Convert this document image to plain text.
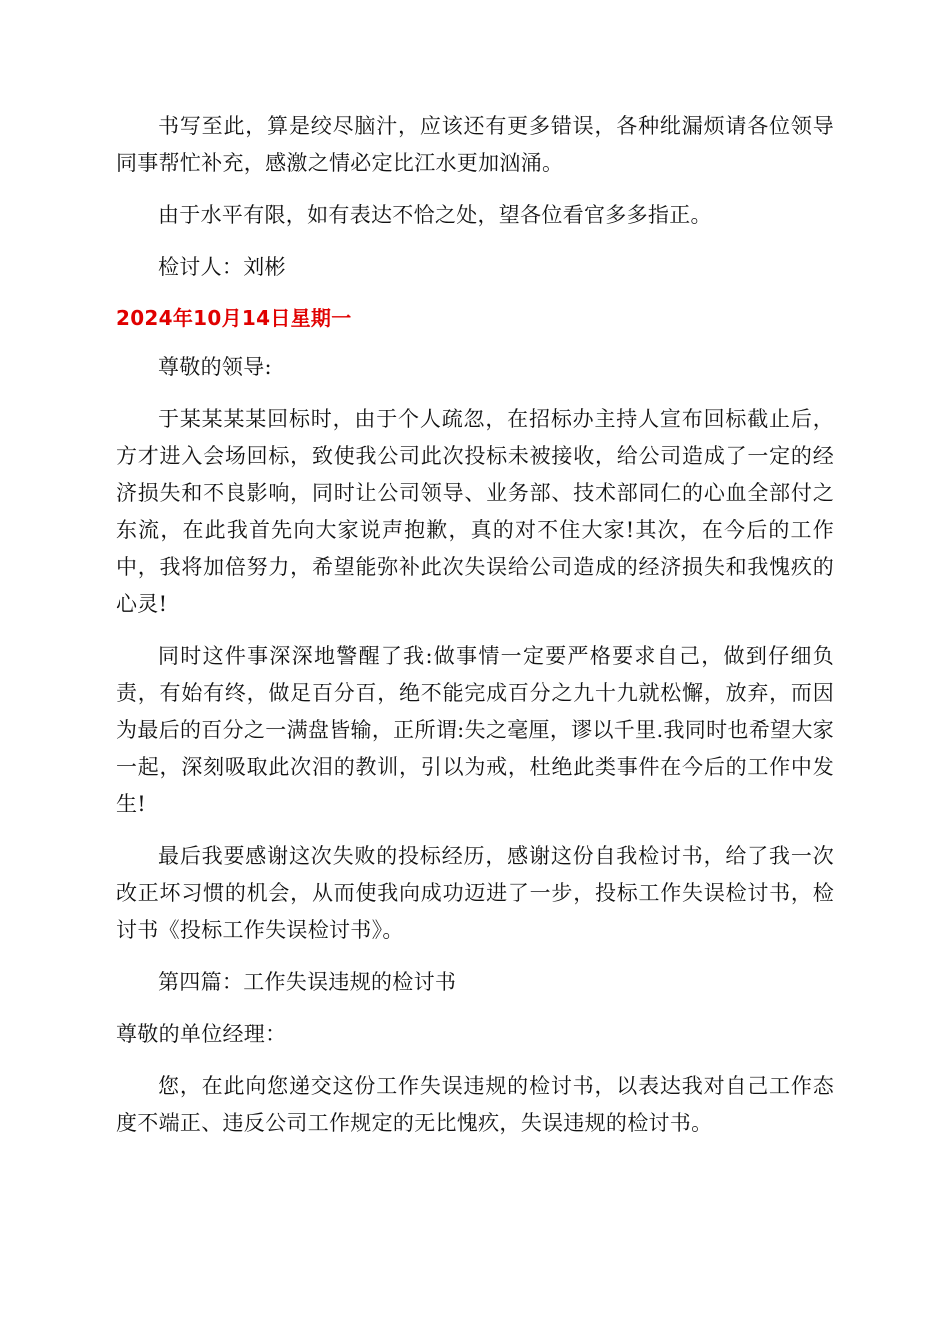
书写至此，算是绞尽脑汁，应该还有更多错误，各种纰漏烦请各位领导同事帮忙补充，感激之情必定比江水更加汹涌。

由于水平有限，如有表达不恰之处，望各位看官多多指正。

检讨人：刘彬

2024年10月14日星期一

尊敬的领导:

于某某某某回标时，由于个人疏忽，在招标办主持人宣布回标截止后，方才进入会场回标，致使我公司此次投标未被接收，给公司造成了一定的经济损失和不良影响，同时让公司领导、业务部、技术部同仁的心血全部付之东流，在此我首先向大家说声抱歉，真的对不住大家!其次，在今后的工作中，我将加倍努力，希望能弥补此次失误给公司造成的经济损失和我愧疚的心灵!

同时这件事深深地警醒了我:做事情一定要严格要求自己，做到仔细负责，有始有终，做足百分百，绝不能完成百分之九十九就松懈，放弃，而因为最后的百分之一满盘皆输，正所谓:失之毫厘，谬以千里.我同时也希望大家一起，深刻吸取此次泪的教训，引以为戒，杜绝此类事件在今后的工作中发生!

最后我要感谢这次失败的投标经历，感谢这份自我检讨书，给了我一次改正坏习惯的机会，从而使我向成功迈进了一步，投标工作失误检讨书，检讨书《投标工作失误检讨书》。

第四篇：工作失误违规的检讨书

尊敬的单位经理：

您，在此向您递交这份工作失误违规的检讨书，以表达我对自己工作态度不端正、违反公司工作规定的无比愧疚，失误违规的检讨书。
